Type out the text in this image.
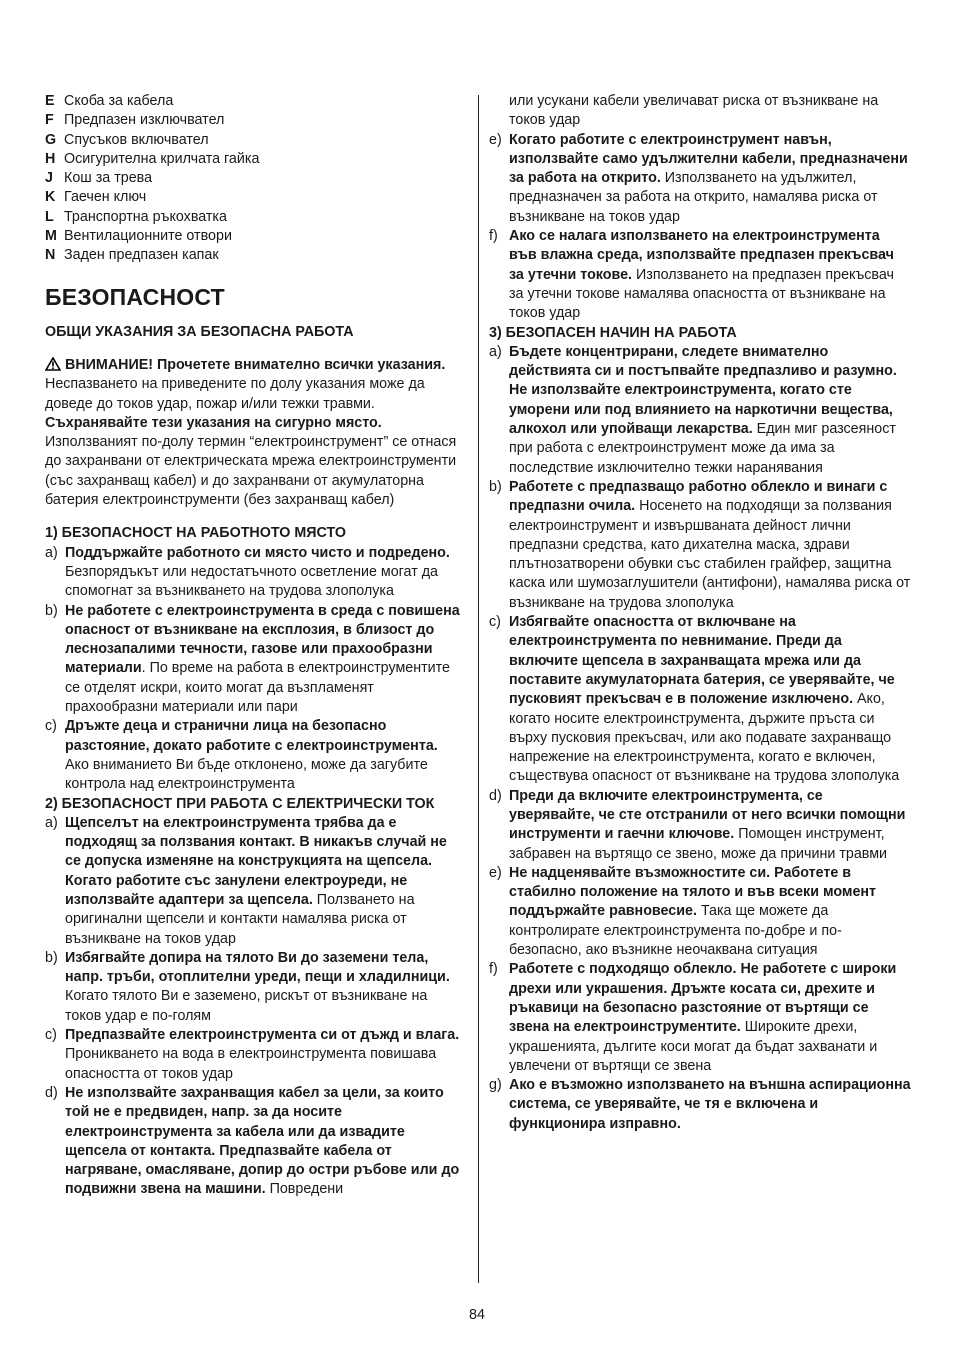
E Скоба за кабела
F Предпазен изключвател
G Спусъков включвател
H Осигурителна крилчата гайка
J Кош за трева
K Гаечен ключ
L Транспортна ръкохватка
M Вентилационните отвори
N Заден предпазен капак
БЕЗОПАСНОСТ
ОБЩИ УКАЗАНИЯ ЗА БЕЗОПАСНА РАБОТА

ВНИМАНИЕ! Прочетете внимателно всички указания. Неспазването на приведените по долу указания може да доведе до токов удар, пожар и/или тежки травми. Съхранявайте тези указания на сигурно място. Използваният по-долу термин “електроинструмент” се отнася до захранвани от електрическата мрежа електроинструменти (със захранващ кабел) и до захранвани от акумулаторна батерия електроинструменти (без захранващ кабел)

1) БЕЗОПАСНОСТ НА РАБОТНОТО МЯСТО
a) Поддържайте работното си място чисто и подредено. Безпорядъкът или недостатъчното осветление могат да спомогнат за възникването на трудова злополука
b) Не работете с електроинструмента в среда с повишена опасност от възникване на експлозия, в близост до леснозапалими течности, газове или прахообразни материали. По време на работа в електроинструментите се отделят искри, които могат да възпламенят прахообразни материали или пари
c) Дръжте деца и странични лица на безопасно разстояние, докато работите с електроинструмента. Ако вниманието Ви бъде отклонено, може да загубите контрола над електроинструмента
2) БЕЗОПАСНОСТ ПРИ РАБОТА С ЕЛЕКТРИЧЕСКИ ТОК
a) Щепселът на електроинструмента трябва да е подходящ за ползвания контакт. В никакъв случай не се допуска изменяне на конструкцията на щепсела. Когато работите със занулени електроуреди, не използвайте адаптери за щепсела. Ползването на оригинални щепсели и контакти намалява риска от възникване на токов удар
b) Избягвайте допира на тялото Ви до заземени тела, напр. тръби, отоплителни уреди, пещи и хладилници. Когато тялото Ви е заземено, рискът от възникване на токов удар е по-голям
c) Предпазвайте електроинструмента си от дъжд и влага. Проникването на вода в електроинструмента повишава опасността от токов удар
d) Не използвайте захранващия кабел за цели, за които той не е предвиден, напр. за да носите електроинструмента за кабела или да извадите щепсела от контакта. Предпазвайте кабела от нагряване, омасляване, допир до остри ръбове или до подвижни звена на машини. Повредени
или усукани кабели увеличават риска от възникване на токов удар
e) Когато работите с електроинструмент навън, използвайте само удължителни кабели, предназначени за работа на открито. Използването на удължител, предназначен за работа на открито, намалява риска от възникване на токов удар
f) Ако се налага използването на електроинструмента във влажна среда, използвайте предпазен прекъсвач за утечни токове. Използването на предпазен прекъсвач за утечни токове намалява опасността от възникване на токов удар
3) БЕЗОПАСЕН НАЧИН НА РАБОТА
a) Бъдете концентрирани, следете внимателно действията си и постъпвайте предпазливо и разумно. Не използвайте електроинструмента, когато сте уморени или под влиянието на наркотични вещества, алкохол или упойващи лекарства. Един миг разсеяност при работа с електроинструмент може да има за последствие изключително тежки наранявания
b) Работете с предпазващо работно облекло и винаги с предпазни очила. Носенето на подходящи за ползвания електроинструмент и извършваната дейност лични предпазни средства, като дихателна маска, здрави плътнозатворени обувки със стабилен грайфер, защитна каска или шумозаглушители (антифони), намалява риска от възникване на трудова злополука
c) Избягвайте опасността от включване на електроинструмента по невнимание. Преди да включите щепсела в захранващата мрежа или да поставите акумулаторната батерия, се уверявайте, че пусковият прекъсвач е в положение изключено. Ако, когато носите електроинструмента, държите пръста си върху пусковия прекъсвач, или ако подавате захранващо напрежение на електроинструмента, когато е включен, съществува опасност от възникване на трудова злополука
d) Преди да включите електроинструмента, се уверявайте, че сте отстранили от него всички помощни инструменти и гаечни ключове. Помощен инструмент, забравен на въртящо се звено, може да причини травми
e) Не надценявайте възможностите си. Работете в стабилно положение на тялото и във всеки момент поддържайте равновесие. Така ще можете да контролирате електроинструмента по-добре и по-безопасно, ако възникне неочаквана ситуация
f) Работете с подходящо облекло. Не работете с широки дрехи или украшения. Дръжте косата си, дрехите и ръкавици на безопасно разстояние от въртящи се звена на електроинструментите. Широките дрехи, украшенията, дългите коси могат да бъдат захванати и увлечени от въртящи се звена
g) Ако е възможно използването на външна аспирационна система, се уверявайте, че тя е включена и функционира изправно.
84
